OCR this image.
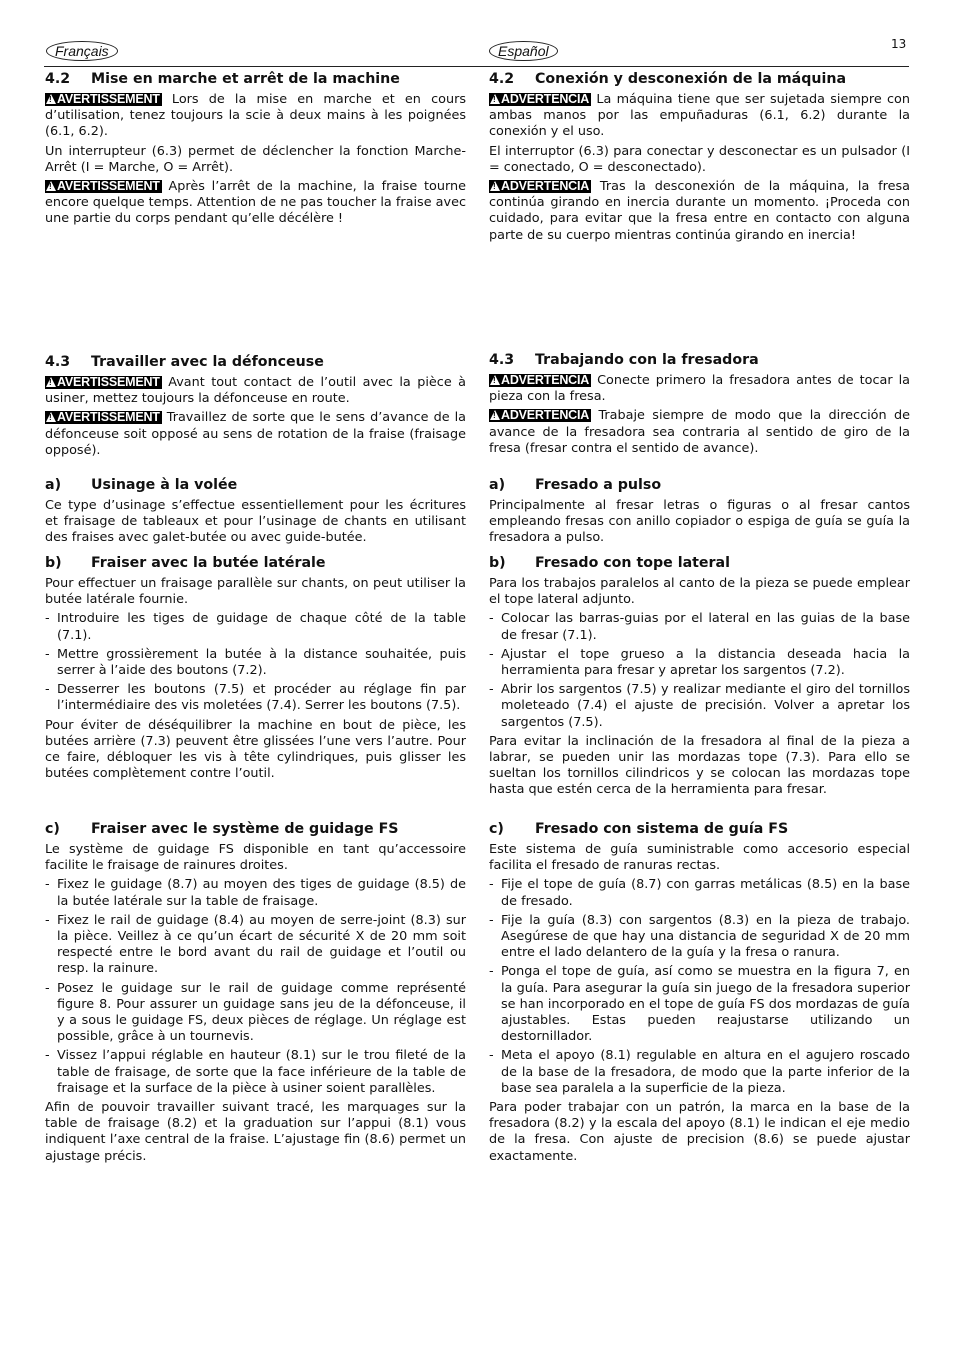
13
Français	Español
4.2 Mise en marche et arrêt de la machine
!AVERTISSEMENT Lors de la mise en marche et en cours d’utilisation, tenez toujours la scie à deux mains à les poignées (6.1, 6.2).
Un interrupteur (6.3) permet de déclencher la fonction Marche-Arrêt (I = Marche, O = Arrêt).
!AVERTISSEMENT Après l’arrêt de la machine, la fraise tourne encore quelque temps. Attention de ne pas toucher la fraise avec une partie du corps pendant qu’elle décélère !
4.3 Travailler avec la défonceuse
!AVERTISSEMENT Avant tout contact de l’outil avec la pièce à usiner, mettez toujours la défonceuse en route.
!AVERTISSEMENT Travaillez de sorte que le sens d’avance de la défonceuse soit opposé au sens de rotation de la fraise (fraisage opposé).
a) Usinage à la volée
Ce type d’usinage s’effectue essentiellement pour les écritures et fraisage de tableaux et pour l’usinage de chants en utilisant des fraises avec galet-butée ou avec guide-butée.
b) Fraiser avec la butée latérale
Pour effectuer un fraisage parallèle sur chants, on peut utiliser la butée latérale fournie.
- Introduire les tiges de guidage de chaque côté de la table (7.1).
- Mettre grossièrement la butée à la distance souhaitée, puis serrer à l’aide des boutons (7.2).
- Desserrer les boutons (7.5) et procéder au réglage fin par l’intermédiaire des vis moletées (7.4). Serrer les boutons (7.5).
Pour éviter de déséquilibrer la machine en bout de pièce, les butées arrière (7.3) peuvent être glissées l’une vers l’autre. Pour ce faire, débloquer les vis à tête cylindriques, puis glisser les butées complètement contre l’outil.
c) Fraiser avec le système de guidage FS
Le système de guidage FS disponible en tant qu’accessoire facilite le fraisage de rainures droites.
- Fixez le guidage (8.7) au moyen des tiges de guidage (8.5) de la butée latérale sur la table de fraisage.
- Fixez le rail de guidage (8.4) au moyen de serre-joint (8.3) sur la pièce. Veillez à ce qu’un écart de sécurité X de 20 mm soit respecté entre le bord avant du rail de guidage et l’outil ou resp. la rainure.
- Posez le guidage sur le rail de guidage comme représenté figure 8. Pour assurer un guidage sans jeu de la défonceuse, il y a sous le guidage FS, deux pièces de réglage. Un réglage est possible, grâce à un tournevis.
- Vissez l’appui réglable en hauteur (8.1) sur le trou fileté de la table de fraisage, de sorte que la face inférieure de la table de fraisage et la surface de la pièce à usiner soient parallèles.
Afin de pouvoir travailler suivant tracé, les marquages sur la table de fraisage (8.2) et la graduation sur l’appui (8.1) vous indiquent l’axe central de la fraise. L’ajustage fin (8.6) permet un ajustage précis.
4.2 Conexión y desconexión de la máquina
!ADVERTENCIA La máquina tiene que ser sujetada siempre con ambas manos por las empuñaduras (6.1, 6.2) durante la conexión y el uso.
El interruptor (6.3) para conectar y desconectar es un pulsador (I = conectado, O = desconectado).
!ADVERTENCIA Tras la desconexión de la máquina, la fresa continúa girando en inercia durante un momento. ¡Proceda con cuidado, para evitar que la fresa entre en contacto con alguna parte de su cuerpo mientras continúa girando en inercia!
4.3 Trabajando con la fresadora
!ADVERTENCIA Conecte primero la fresadora antes de tocar la pieza con la fresa.
!ADVERTENCIA Trabaje siempre de modo que la dirección de avance de la fresadora sea contraria al sentido de giro de la fresa (fresar contra el sentido de avance).
a) Fresado a pulso
Principalmente al fresar letras o figuras o al fresar cantos empleando fresas con anillo copiador o espiga de guía se guía la fresadora a pulso.
b) Fresado con tope lateral
Para los trabajos paralelos al canto de la pieza se puede emplear el tope lateral adjunto.
- Colocar las barras-guias por el lateral en las guias de la base de fresar (7.1).
- Ajustar el tope grueso a la distancia deseada hacia la herramienta para fresar y apretar los sargentos (7.2).
- Abrir los sargentos (7.5) y realizar mediante el giro del tornillos moleteado (7.4) el ajuste de precisión. Volver a apretar los sargentos (7.5).
Para evitar la inclinación de la fresadora al final de la pieza a labrar, se pueden unir las mordazas tope (7.3). Para ello se sueltan los tornillos cilindricos y se colocan las mordazas tope hasta que estén cerca de la herramienta para fresar.
c) Fresado con sistema de guía FS
Este sistema de guía suministrable como accesorio especial facilita el fresado de ranuras rectas.
- Fije el tope de guía (8.7) con garras metálicas (8.5) en la base de fresado.
- Fije la guía (8.3) con sargentos (8.3) en la pieza de trabajo. Asegúrese de que hay una distancia de seguridad X de 20 mm entre el lado delantero de la guía y la fresa o ranura.
- Ponga el tope de guía, así como se muestra en la figura 7, en la guía. Para asegurar la guía sin juego de la fresadora superior se han incorporado en el tope de guía FS dos mordazas de guía ajustables. Estas pueden reajustarse utilizando un destornillador.
- Meta el apoyo (8.1) regulable en altura en el agujero roscado de la base de la fresadora, de modo que la parte inferior de la base sea paralela a la superficie de la pieza.
Para poder trabajar con un patrón, la marca en la base de la fresadora (8.2) y la escala del apoyo (8.1) le indican el eje medio de la fresa. Con ajuste de precision (8.6) se puede ajustar exactamente.
